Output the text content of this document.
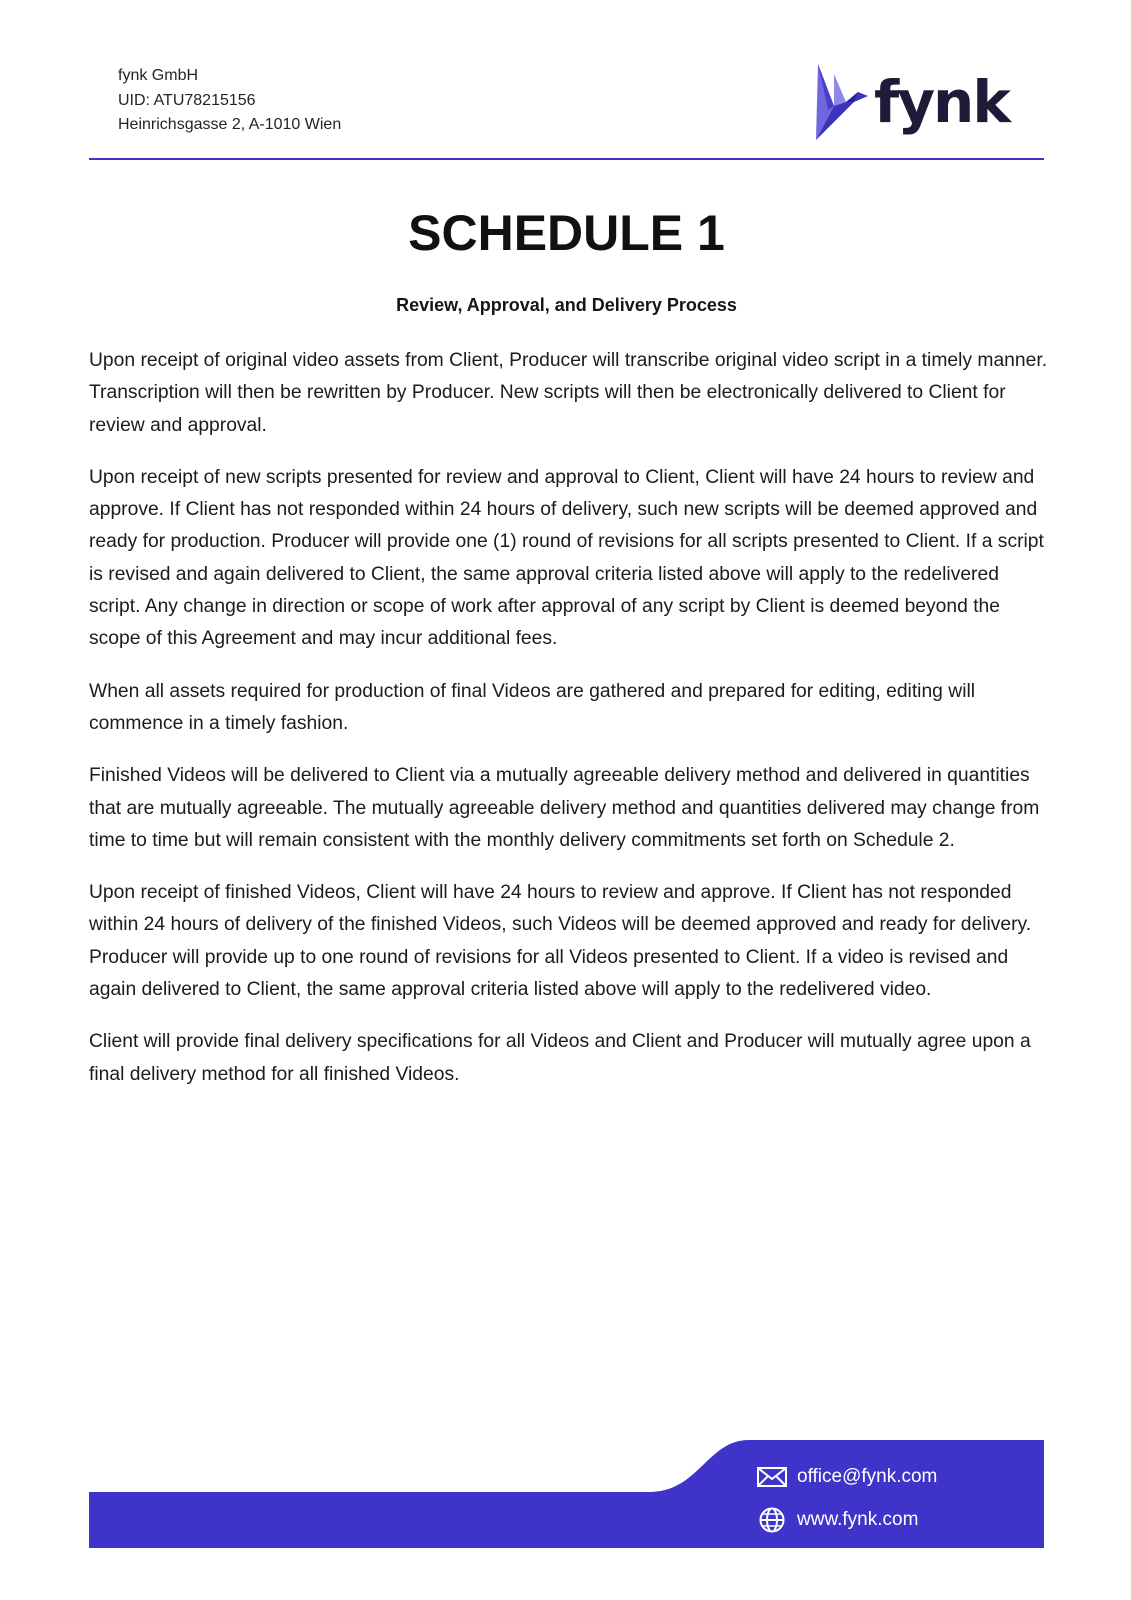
fynk GmbH
UID: ATU78215156
Heinrichsgasse 2, A-1010 Wien	fynk
SCHEDULE 1
Review, Approval, and Delivery Process

Upon receipt of original video assets from Client, Producer will transcribe original video script in a timely manner. Transcription will then be rewritten by Producer. New scripts will then be electronically delivered to Client for review and approval.

Upon receipt of new scripts presented for review and approval to Client, Client will have 24 hours to review and approve. If Client has not responded within 24 hours of delivery, such new scripts will be deemed approved and ready for production. Producer will provide one (1) round of revisions for all scripts presented to Client. If a script is revised and again delivered to Client, the same approval criteria listed above will apply to the redelivered script. Any change in direction or scope of work after approval of any script by Client is deemed beyond the scope of this Agreement and may incur additional fees.

When all assets required for production of final Videos are gathered and prepared for editing, editing will commence in a timely fashion.

Finished Videos will be delivered to Client via a mutually agreeable delivery method and delivered in quantities that are mutually agreeable. The mutually agreeable delivery method and quantities delivered may change from time to time but will remain consistent with the monthly delivery commitments set forth on Schedule 2.

Upon receipt of finished Videos, Client will have 24 hours to review and approve. If Client has not responded within 24 hours of delivery of the finished Videos, such Videos will be deemed approved and ready for delivery. Producer will provide up to one round of revisions for all Videos presented to Client. If a video is revised and again delivered to Client, the same approval criteria listed above will apply to the redelivered video.

Client will provide final delivery specifications for all Videos and Client and Producer will mutually agree upon a final delivery method for all finished Videos.

office@fynk.com
www.fynk.com
